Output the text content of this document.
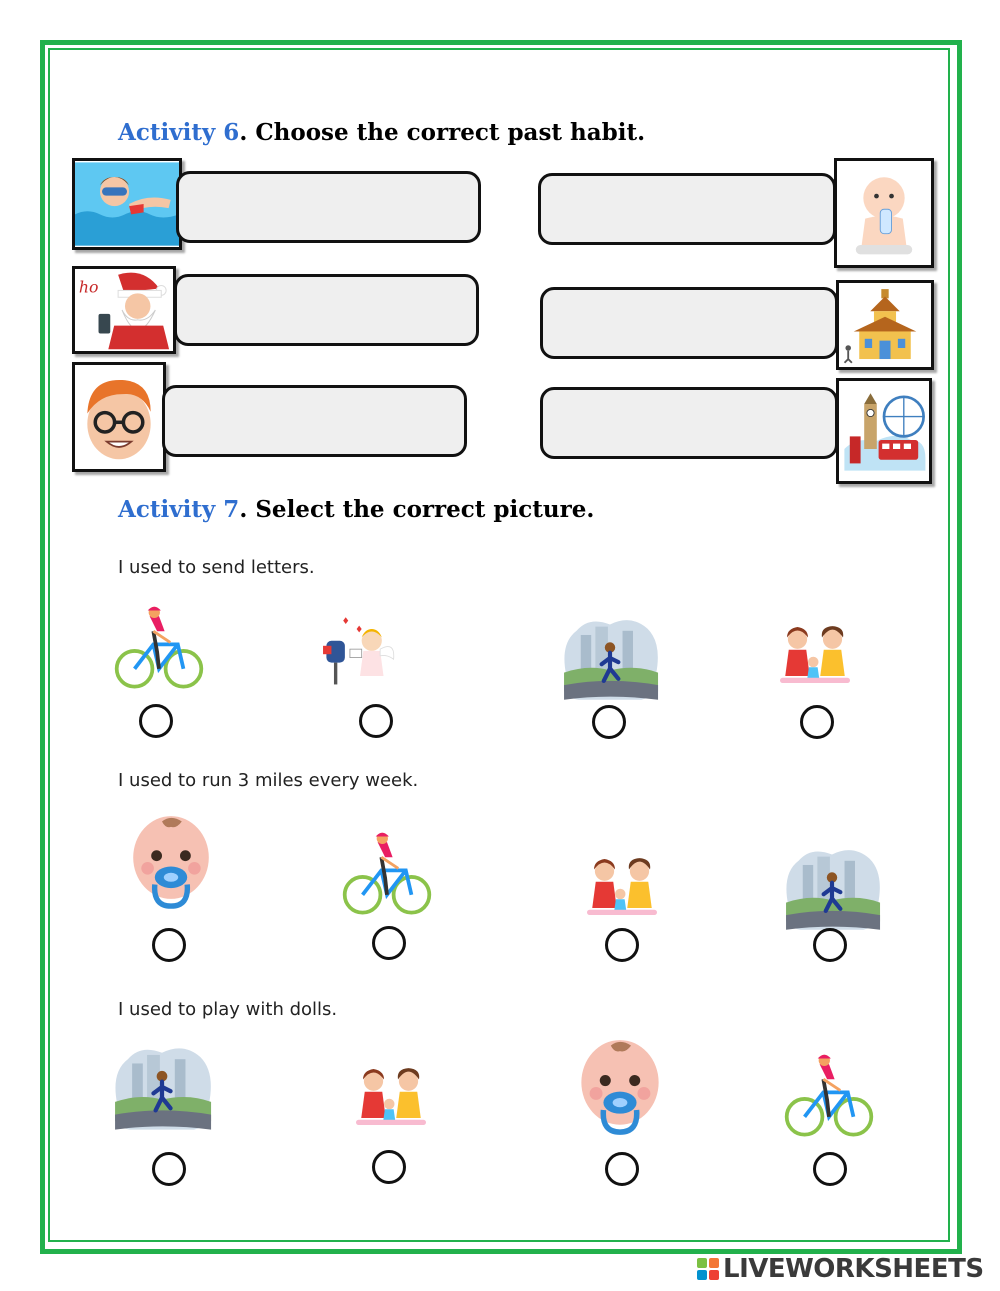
Activity 6. Choose the correct past habit.
Activity 7. Select the correct picture.
I used to send letters.
I used to run 3 miles every week.
I used to play with dolls.
LIVEWORKSHEETS
